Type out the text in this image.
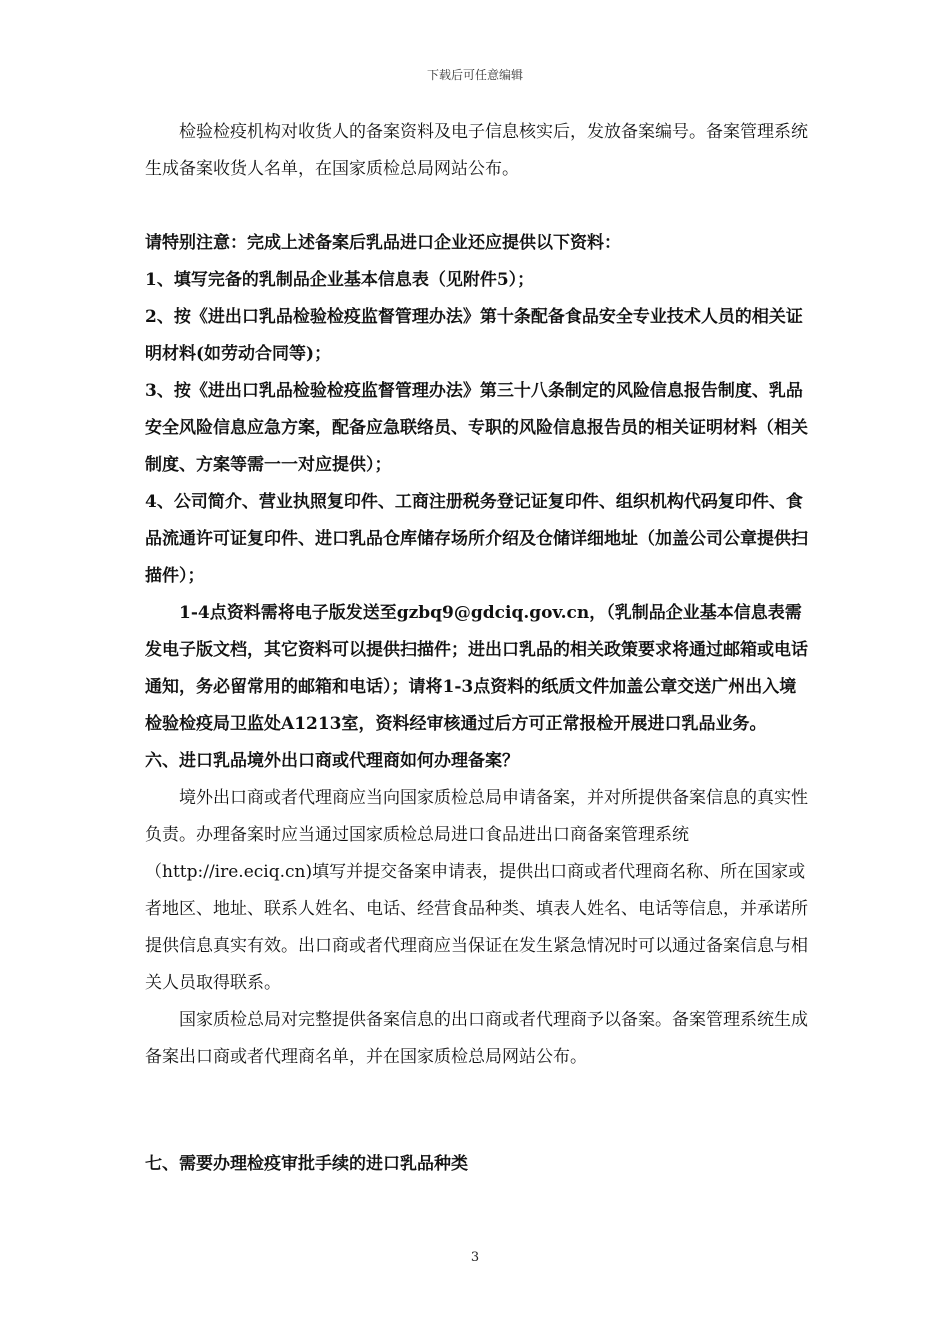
下载后可任意编辑

检验检疫机构对收货人的备案资料及电子信息核实后，发放备案编号。备案管理系统生成备案收货人名单，在国家质检总局网站公布。

请特别注意：完成上述备案后乳品进口企业还应提供以下资料：

1、填写完备的乳制品企业基本信息表（见附件5）；

2、按《进出口乳品检验检疫监督管理办法》第十条配备食品安全专业技术人员的相关证明材料(如劳动合同等)；

3、按《进出口乳品检验检疫监督管理办法》第三十八条制定的风险信息报告制度、乳品安全风险信息应急方案，配备应急联络员、专职的风险信息报告员的相关证明材料（相关制度、方案等需一一对应提供）；

4、公司简介、营业执照复印件、工商注册税务登记证复印件、组织机构代码复印件、食品流通许可证复印件、进口乳品仓库储存场所介绍及仓储详细地址（加盖公司公章提供扫描件）；

1-4点资料需将电子版发送至gzbq9@gdciq.gov.cn，（乳制品企业基本信息表需发电子版文档，其它资料可以提供扫描件；进出口乳品的相关政策要求将通过邮箱或电话通知，务必留常用的邮箱和电话）；请将1-3点资料的纸质文件加盖公章交送广州出入境检验检疫局卫监处A1213室，资料经审核通过后方可正常报检开展进口乳品业务。

六、进口乳品境外出口商或代理商如何办理备案？

境外出口商或者代理商应当向国家质检总局申请备案，并对所提供备案信息的真实性负责。办理备案时应当通过国家质检总局进口食品进出口商备案管理系统（http://ire.eciq.cn)填写并提交备案申请表，提供出口商或者代理商名称、所在国家或者地区、地址、联系人姓名、电话、经营食品种类、填表人姓名、电话等信息，并承诺所提供信息真实有效。出口商或者代理商应当保证在发生紧急情况时可以通过备案信息与相关人员取得联系。

国家质检总局对完整提供备案信息的出口商或者代理商予以备案。备案管理系统生成备案出口商或者代理商名单，并在国家质检总局网站公布。

七、需要办理检疫审批手续的进口乳品种类

3
